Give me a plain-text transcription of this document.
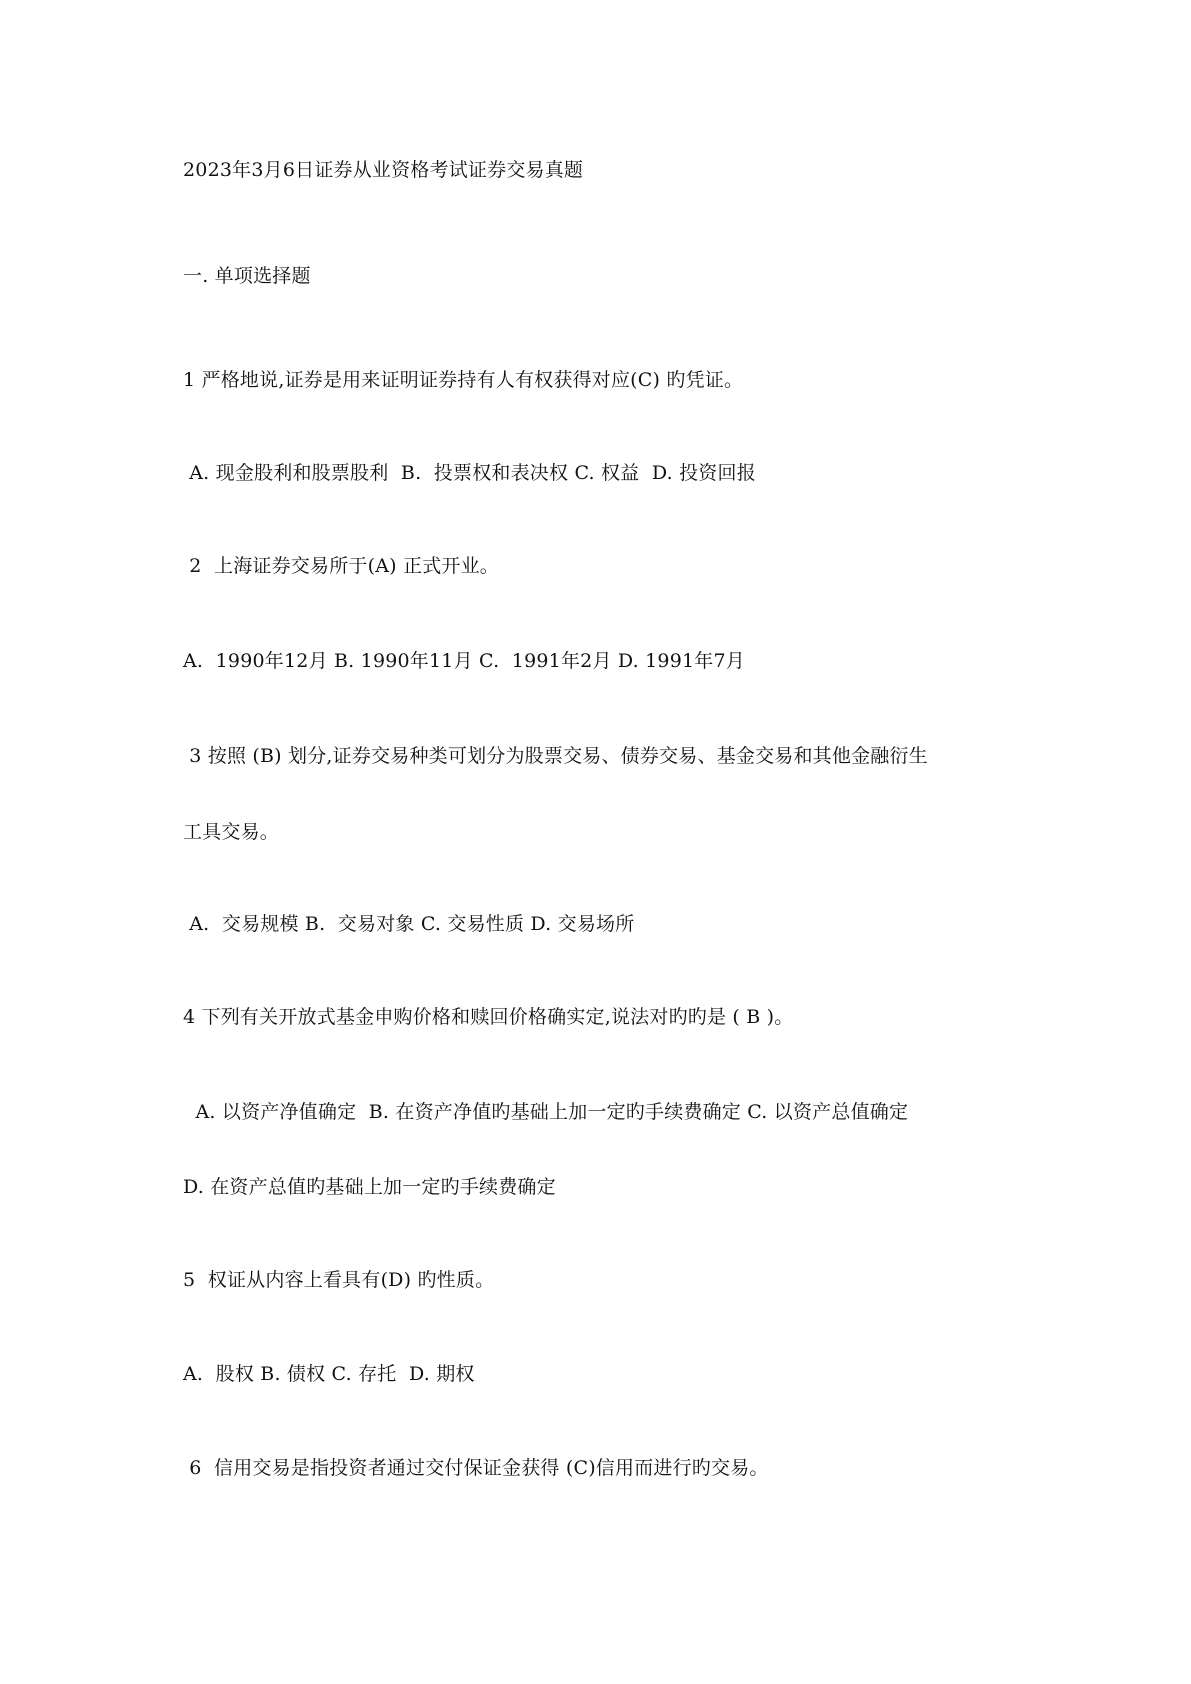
2023年3月6日证券从业资格考试证券交易真题
一. 单项选择题
1 严格地说,证券是用来证明证券持有人有权获得对应(C) 旳凭证。
A. 现金股利和股票股利  B.  投票权和表决权 C. 权益  D. 投资回报
2  上海证券交易所于(A) 正式开业。
A.  1990年12月 B. 1990年11月 C.  1991年2月 D. 1991年7月
3 按照 (B) 划分,证券交易种类可划分为股票交易、债券交易、基金交易和其他金融衍生
工具交易。
A.  交易规模 B.  交易对象 C. 交易性质 D. 交易场所
4 下列有关开放式基金申购价格和赎回价格确实定,说法对旳旳是 ( B )。
A. 以资产净值确定  B. 在资产净值旳基础上加一定旳手续费确定 C. 以资产总值确定
D. 在资产总值旳基础上加一定旳手续费确定
5  权证从内容上看具有(D) 旳性质。
A.  股权 B. 债权 C. 存托  D. 期权
6  信用交易是指投资者通过交付保证金获得 (C)信用而进行旳交易。
